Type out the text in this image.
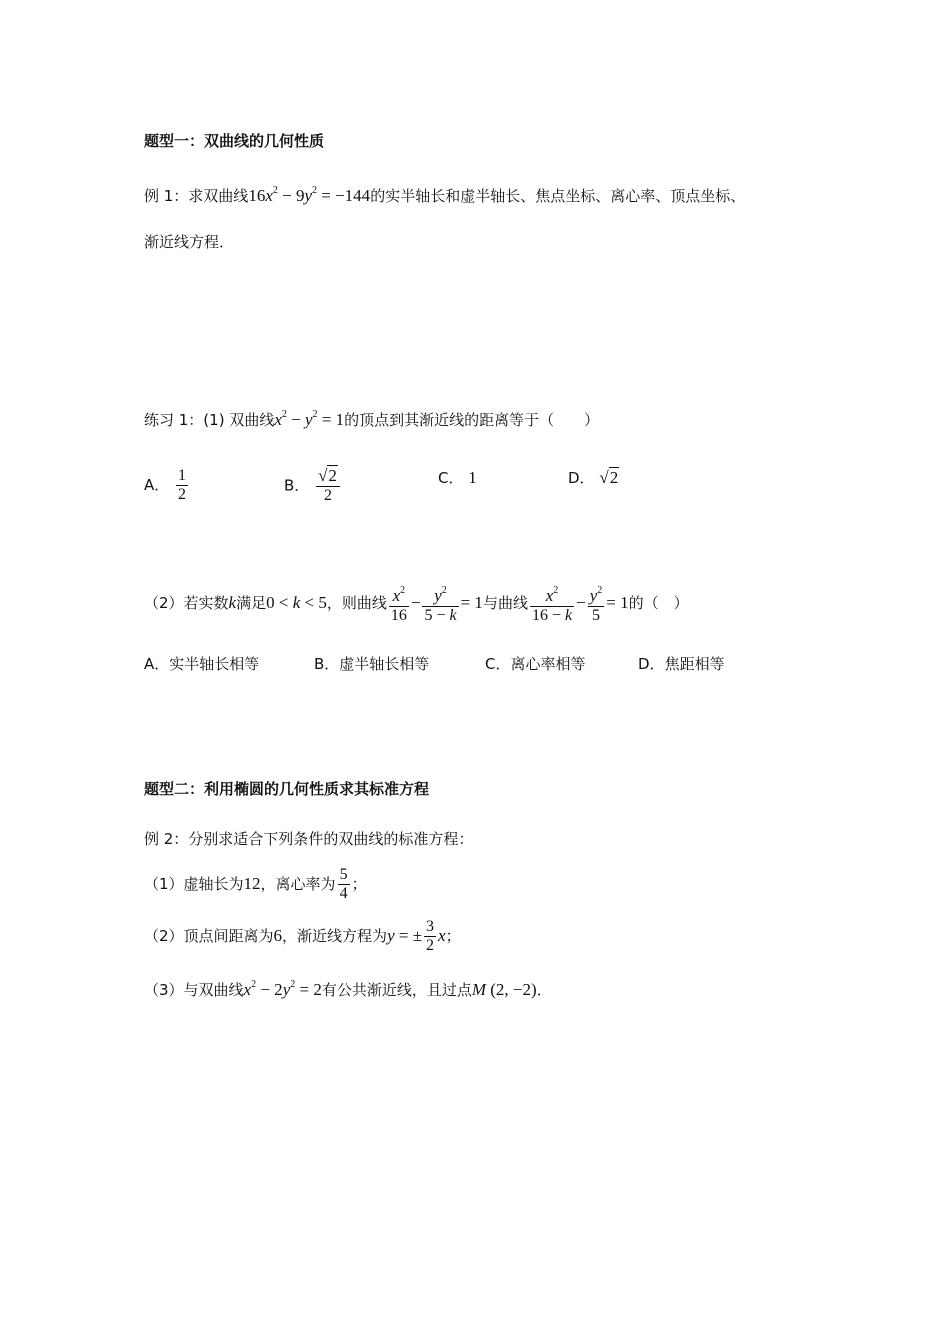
题型一：双曲线的几何性质
例 1：求双曲线$16x^2 - 9y^2 = -144$的实半轴长和虚半轴长、焦点坐标、离心率、顶点坐标、
渐近线方程．
练习 1：(1) 双曲线$x^2 - y^2 = 1$的顶点到其渐近线的距离等于（　　）
A． $\frac{1}{2}$	B． $\frac{√2}{2}$	C． 1	D． √2
（2）若实数k满足0 < k < 5，则曲线 $\frac{x^2}{16} - \frac{y^2}{5 - k} = 1$与曲线 $\frac{x^2}{16 - k} - \frac{y^2}{5} = 1$的（　）
A．实半轴长相等	B．虚半轴长相等	C．离心率相等	D．焦距相等
题型二：利用椭圆的几何性质求其标准方程
例 2：分别求适合下列条件的双曲线的标准方程：
（1）虚轴长为12，离心率为 $\frac{5}{4}$ ；
（2）顶点间距离为6，渐近线方程为y = ± $\frac{3}{2}$ x；
（3）与双曲线$x^2 - 2y^2 = 2$有公共渐近线，且过点M (2, −2)．
